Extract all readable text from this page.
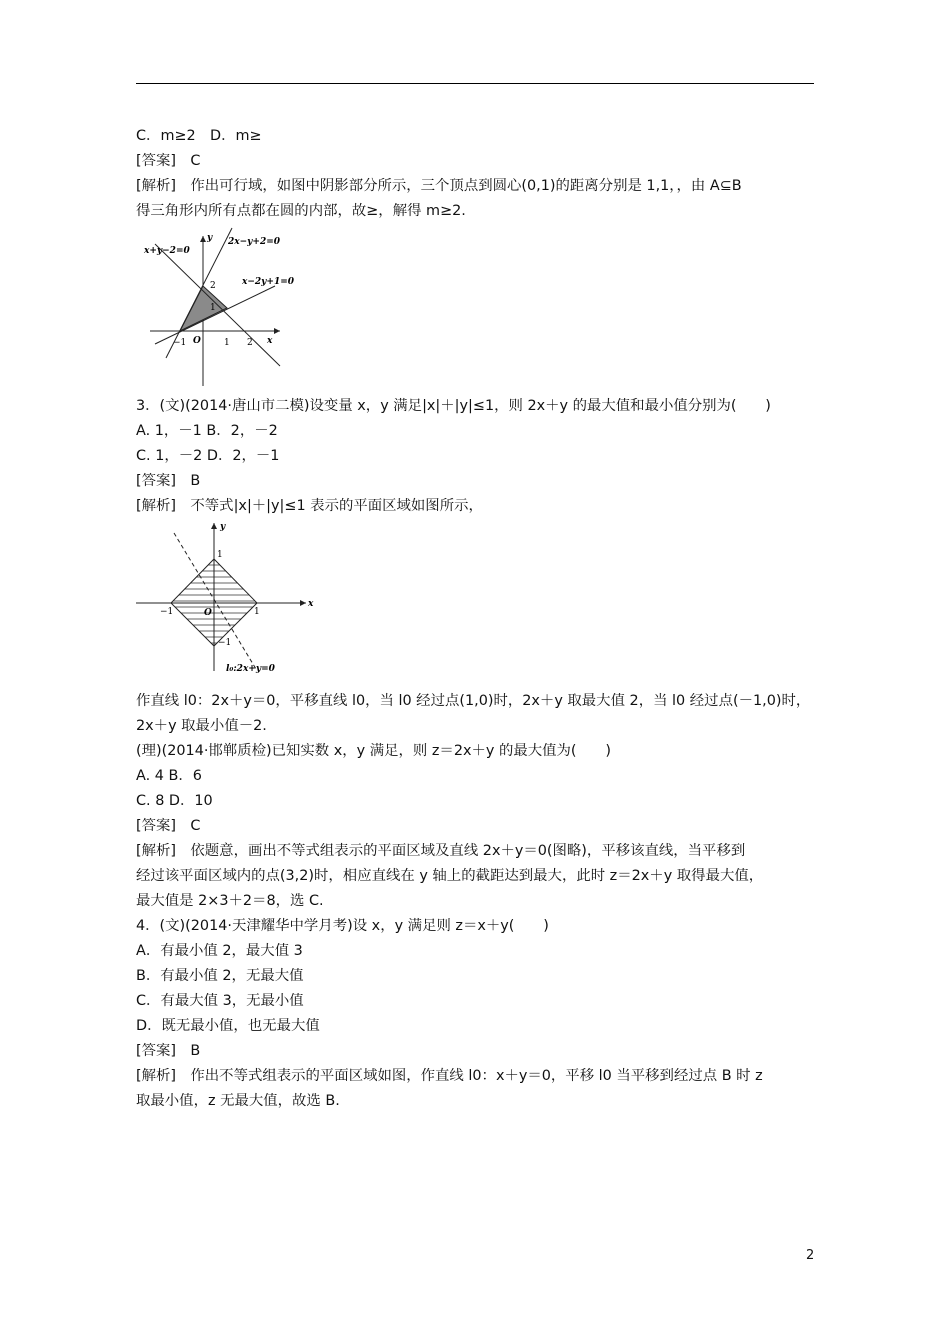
C．m≥2　D．m≥
[答案]　C
[解析]　作出可行域，如图中阴影部分所示，三个顶点到圆心(0,1)的距离分别是 1,1，，由 A⊆B
得三角形内所有点都在圆的内部，故≥，解得 m≥2.
x+y−2=0
2x−y+2=0
x−2y+1=0
y
x
O
2
1
−1	1 2
3．(文)(2014·唐山市二模)设变量 x，y 满足|x|＋|y|≤1，则 2x＋y 的最大值和最小值分别为(　　)
A. 1，－1 B．2，－2
C. 1，－2 D．2，－1
[答案]　B
[解析]　不等式|x|＋|y|≤1 表示的平面区域如图所示，
y
x
O
1
−1	1
−1
l₀:2x+y=0
作直线 l0：2x＋y＝0，平移直线 l0，当 l0 经过点(1,0)时，2x＋y 取最大值 2，当 l0 经过点(－1,0)时，
2x＋y 取最小值－2.
(理)(2014·邯郸质检)已知实数 x，y 满足，则 z＝2x＋y 的最大值为(　　)
A. 4 B．6
C. 8 D．10
[答案]　C
[解析]　依题意，画出不等式组表示的平面区域及直线 2x＋y＝0(图略)，平移该直线，当平移到
经过该平面区域内的点(3,2)时，相应直线在 y 轴上的截距达到最大，此时 z＝2x＋y 取得最大值，
最大值是 2×3＋2＝8，选 C.
4．(文)(2014·天津耀华中学月考)设 x，y 满足则 z＝x＋y(　　)
A．有最小值 2，最大值 3
B．有最小值 2，无最大值
C．有最大值 3，无最小值
D．既无最小值，也无最大值
[答案]　B
[解析]　作出不等式组表示的平面区域如图，作直线 l0：x＋y＝0，平移 l0 当平移到经过点 B 时 z
取最小值，z 无最大值，故选 B.
2
